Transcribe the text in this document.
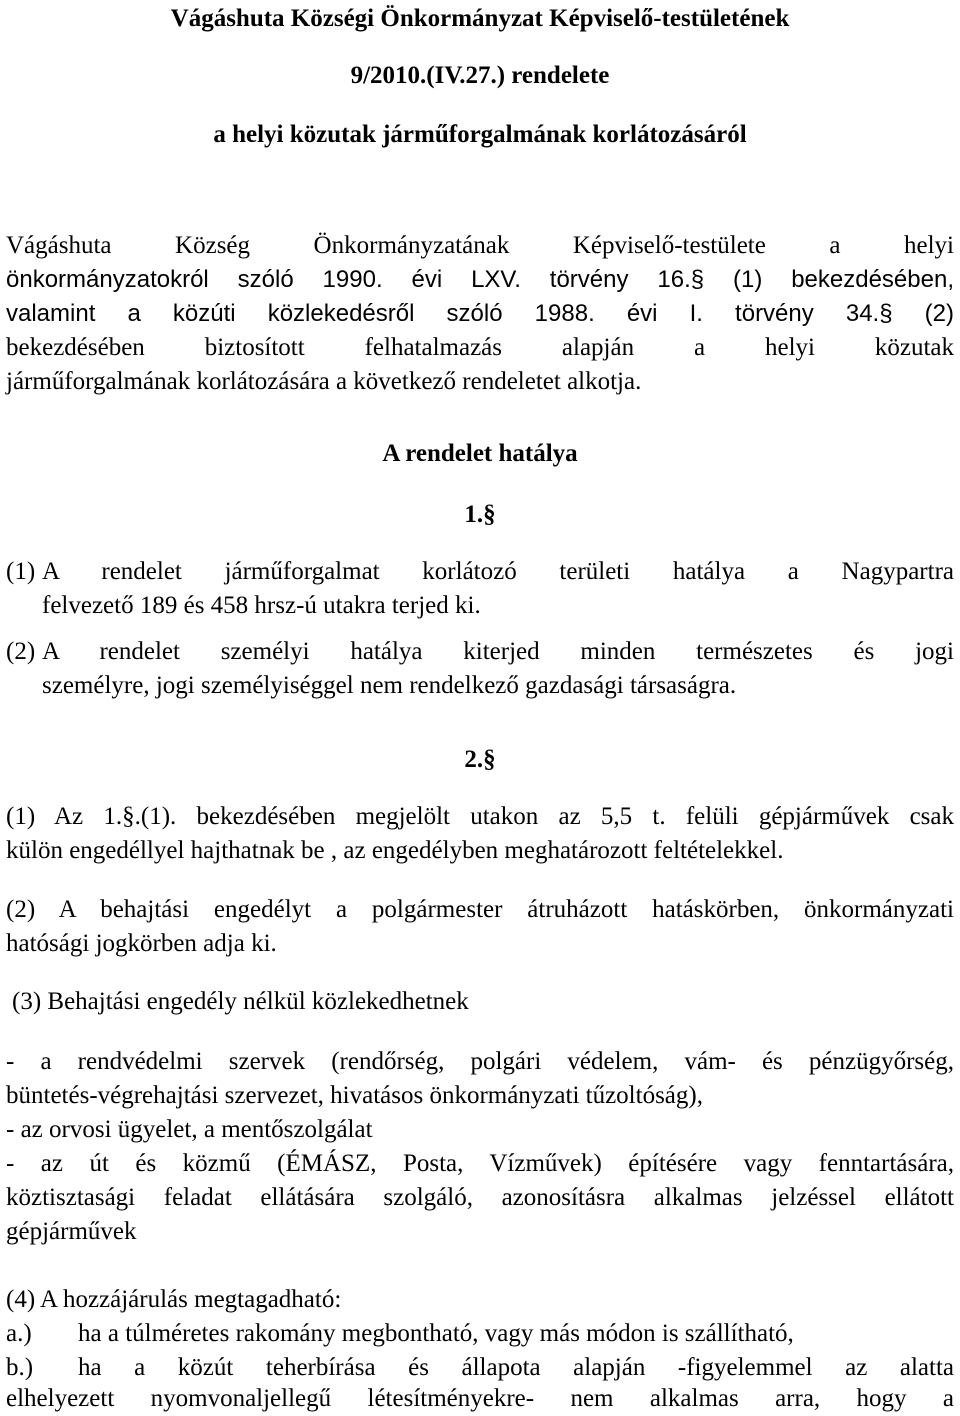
Vágáshuta Községi Önkormányzat Képviselő-testületének

9/2010.(IV.27.) rendelete

a helyi közutak járműforgalmának korlátozásáról

Vágáshuta Község Önkormányzatának Képviselő-testülete a helyi

önkormányzatokról szóló 1990. évi LXV. törvény 16.§ (1) bekezdésében,

valamint a közúti közlekedésről szóló 1988. évi I. törvény 34.§ (2)

bekezdésében biztosított felhatalmazás alapján a helyi közutak

járműforgalmának korlátozására a következő rendeletet alkotja.

A rendelet hatálya

1.§

(1) A rendelet járműforgalmat korlátozó területi hatálya a Nagypartra
felvezető 189 és 458 hrsz-ú utakra terjed ki.
(2) A rendelet személyi hatálya kiterjed minden természetes és jogi
személyre, jogi személyiséggel nem rendelkező gazdasági társaságra.

2.§

(1) Az 1.§.(1). bekezdésében megjelölt utakon az 5,5 t. felüli gépjárművek csak

külön engedéllyel hajthatnak be , az engedélyben meghatározott feltételekkel.

(2) A behajtási engedélyt a polgármester átruházott hatáskörben, önkormányzati

hatósági jogkörben adja ki.

(3) Behajtási engedély nélkül közlekedhetnek

- a rendvédelmi szervek (rendőrség, polgári védelem, vám- és pénzügyőrség,

büntetés-végrehajtási szervezet, hivatásos önkormányzati tűzoltóság),

- az orvosi ügyelet, a mentőszolgálat

- az út és közmű (ÉMÁSZ, Posta, Vízművek) építésére vagy fenntartására,

köztisztasági feladat ellátására szolgáló, azonosításra alkalmas jelzéssel ellátott

gépjárművek

(4) A hozzájárulás megtagadható:

a.) ha a túlméretes rakomány megbontható, vagy más módon is szállítható,
b.) ha a közút teherbírása és állapota alapján -figyelemmel az alatta

elhelyezett nyomvonaljellegű létesítményekre- nem alkalmas arra, hogy a
